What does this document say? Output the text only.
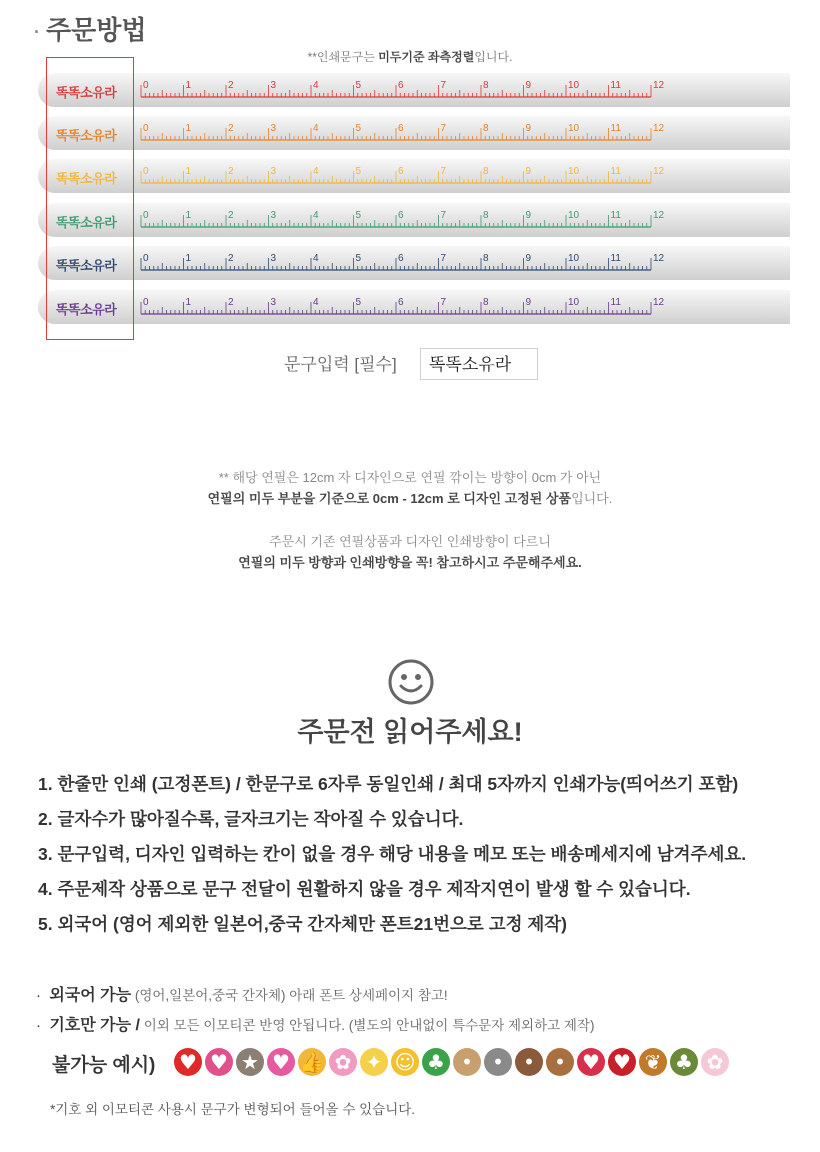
· 주문방법
**인쇄문구는 미두기준 좌측정렬입니다.
똑똑소유라	0	1	2	3	4	5	6	7	8	9	10	11	12
똑똑소유라	0	1	2	3	4	5	6	7	8	9	10	11	12
똑똑소유라	0	1	2	3	4	5	6	7	8	9	10	11	12
똑똑소유라	0	1	2	3	4	5	6	7	8	9	10	11	12
똑똑소유라	0	1	2	3	4	5	6	7	8	9	10	11	12
똑똑소유라	0	1	2	3	4	5	6	7	8	9	10	11	12
문구입력 [필수]	똑똑소유라
** 해당 연필은 12cm 자 디자인으로 연필 깎이는 방향이 0cm 가 아닌
연필의 미두 부분을 기준으로 0cm - 12cm 로 디자인 고정된 상품입니다.
주문시 기존 연필상품과 디자인 인쇄방향이 다르니
연필의 미두 방향과 인쇄방향을 꼭! 참고하시고 주문해주세요.
주문전 읽어주세요!
1. 한줄만 인쇄 (고정폰트) / 한문구로 6자루 동일인쇄 / 최대 5자까지 인쇄가능(띄어쓰기 포함)
2. 글자수가 많아질수록, 글자크기는 작아질 수 있습니다.
3. 문구입력, 디자인 입력하는 칸이 없을 경우 해당 내용을 메모 또는 배송메세지에 남겨주세요.
4. 주문제작 상품으로 문구 전달이 원활하지 않을 경우 제작지연이 발생 할 수 있습니다.
5. 외국어 (영어 제외한 일본어,중국 간자체만 폰트21번으로 고정 제작)
· 외국어 가능 (영어,일본어,중국 간자체) 아래 폰트 상세페이지 참고!
· 기호만 가능 / 이외 모든 이모티콘 반영 안됩니다. (별도의 안내없이 특수문자 제외하고 제작)
불가능 예시) ♥ ♥ ★ ♥ 👍 ✿ ✦ ☺ ♣ • • • • ♥ ♥ ❦ ♣ ✿
*기호 외 이모티콘 사용시 문구가 변형되어 들어올 수 있습니다.
